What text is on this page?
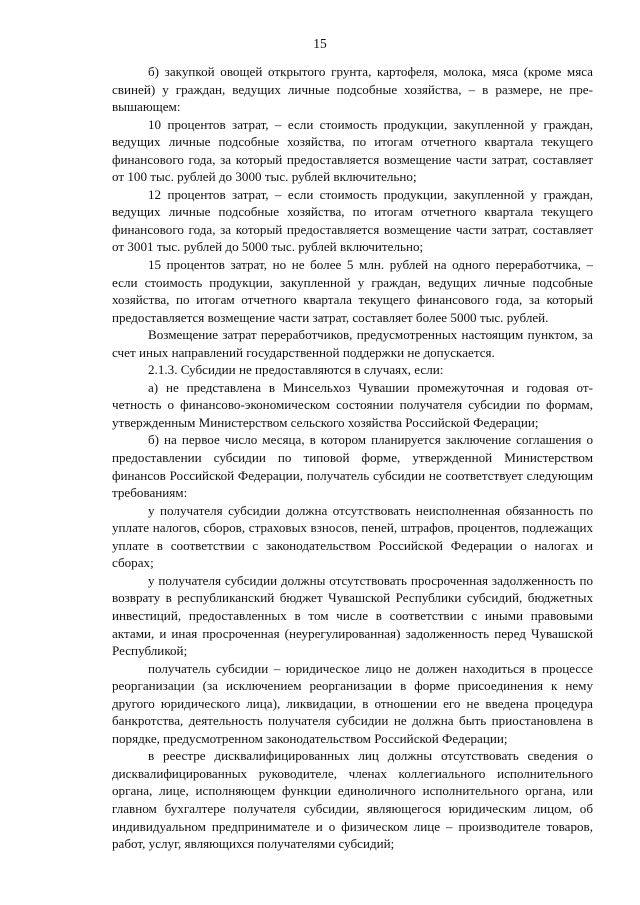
15

б) закупкой овощей открытого грунта, картофеля, молока, мяса (кроме мяса свиней) у граждан, ведущих личные подсобные хозяйства, – в размере, не превышающем:

10 процентов затрат, – если стоимость продукции, закупленной у граждан, ведущих личные подсобные хозяйства, по итогам отчетного квартала текущего финансового года, за который предоставляется возмещение части затрат, составляет от 100 тыс. рублей до 3000 тыс. рублей включительно;

12 процентов затрат, – если стоимость продукции, закупленной у граждан, ведущих личные подсобные хозяйства, по итогам отчетного квартала текущего финансового года, за который предоставляется возмещение части затрат, составляет от 3001 тыс. рублей до 5000 тыс. рублей включительно;

15 процентов затрат, но не более 5 млн. рублей на одного переработчика, – если стоимость продукции, закупленной у граждан, ведущих личные подсобные хозяйства, по итогам отчетного квартала текущего финансового года, за который предоставляется возмещение части затрат, составляет более 5000 тыс. рублей.

Возмещение затрат переработчиков, предусмотренных настоящим пунктом, за счет иных направлений государственной поддержки не допускается.

2.1.3. Субсидии не предоставляются в случаях, если:

а) не представлена в Минсельхоз Чувашии промежуточная и годовая отчетность о финансово-экономическом состоянии получателя субсидии по формам, утвержденным Министерством сельского хозяйства Российской Федерации;

б) на первое число месяца, в котором планируется заключение соглашения о предоставлении субсидии по типовой форме, утвержденной Министерством финансов Российской Федерации, получатель субсидии не соответствует следующим требованиям:

у получателя субсидии должна отсутствовать неисполненная обязанность по уплате налогов, сборов, страховых взносов, пеней, штрафов, процентов, подлежащих уплате в соответствии с законодательством Российской Федерации о налогах и сборах;

у получателя субсидии должны отсутствовать просроченная задолженность по возврату в республиканский бюджет Чувашской Республики субсидий, бюджетных инвестиций, предоставленных в том числе в соответствии с иными правовыми актами, и иная просроченная (неурегулированная) задолженность перед Чувашской Республикой;

получатель субсидии – юридическое лицо не должен находиться в процессе реорганизации (за исключением реорганизации в форме присоединения к нему другого юридического лица), ликвидации, в отношении его не введена процедура банкротства, деятельность получателя субсидии не должна быть приостановлена в порядке, предусмотренном законодательством Российской Федерации;

в реестре дисквалифицированных лиц должны отсутствовать сведения о дисквалифицированных руководителе, членах коллегиального исполнительного органа, лице, исполняющем функции единоличного исполнительного органа, или главном бухгалтере получателя субсидии, являющегося юридическим лицом, об индивидуальном предпринимателе и о физическом лице – производителе товаров, работ, услуг, являющихся получателями субсидий;
